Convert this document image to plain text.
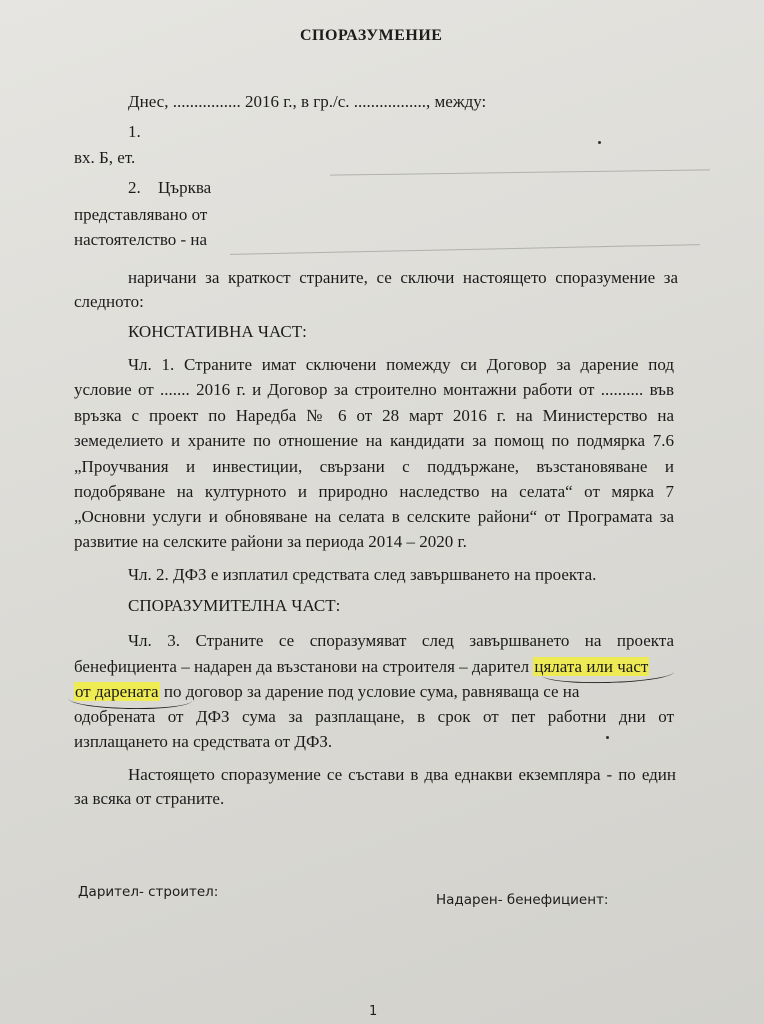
СПОРАЗУМЕНИЕ
Днес, ................ 2016 г., в гр./с. ................., между:
1.
вх. Б, ет.
2. Църква
представлявано от
настоятелство - на
наричани за краткост страните, се сключи настоящето споразумение за
следното:
КОНСТАТИВНА ЧАСТ:
Чл. 1. Страните имат сключени помежду си Договор за дарение под
условие от ....... 2016 г. и Договор за строително монтажни работи от .......... във
връзка с проект по Наредба № 6 от 28 март 2016 г. на Министерство на
земеделието и храните по отношение на кандидати за помощ по подмярка 7.6
„Проучвания и инвестиции, свързани с поддържане, възстановяване и
подобряване на културното и природно наследство на селата“ от мярка 7
„Основни услуги и обновяване на селата в селските райони“ от Програмата за
развитие на селските райони за периода 2014 – 2020 г.
Чл. 2. ДФЗ е изплатил средствата след завършването на проекта.
СПОРАЗУМИТЕЛНА ЧАСТ:
Чл. 3. Страните се споразумяват след завършването на проекта
бенефициента – надарен да възстанови на строителя – дарител цялата или част
от дарената по договор за дарение под условие сума, равняваща се на
одобрената от ДФЗ сума за разплащане, в срок от пет работни дни от
изплащането на средствата от ДФЗ.
Настоящето споразумение се състави в два еднакви екземпляра - по един
за всяка от страните.
Дарител- строител:	Надарен- бенефициент:
1
